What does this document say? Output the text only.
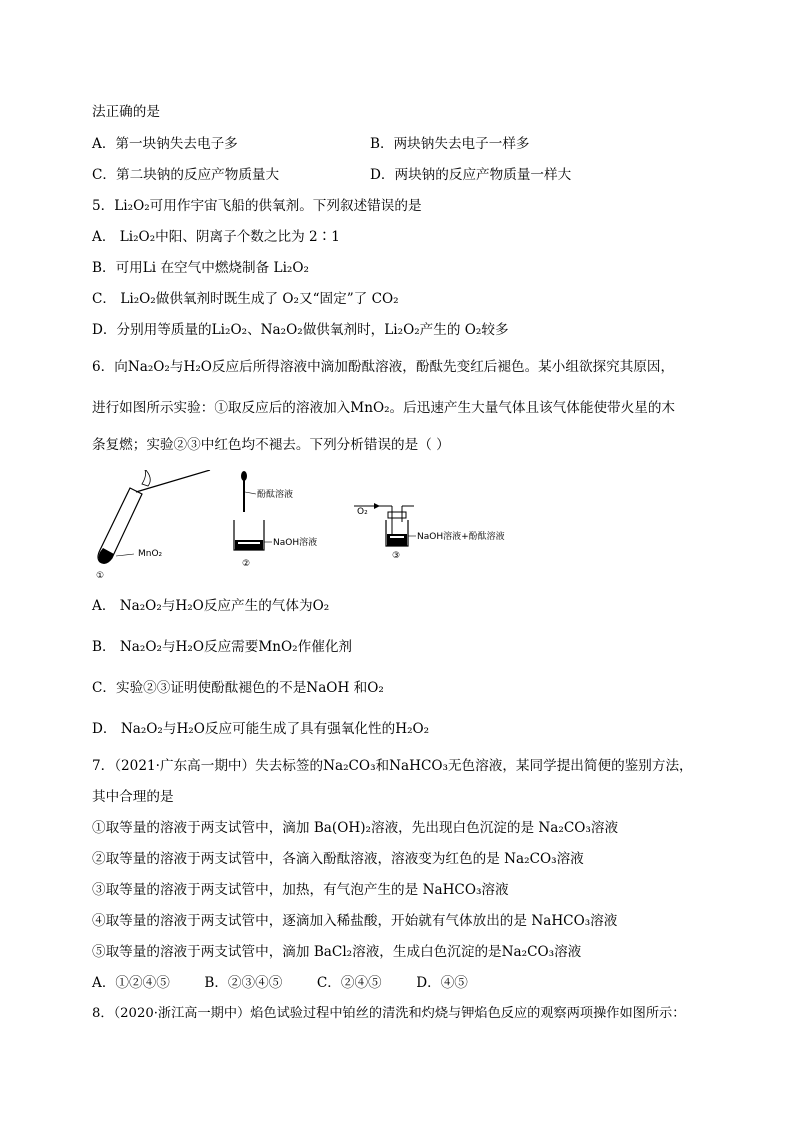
法正确的是
A．第一块钠失去电子多	B．两块钠失去电子一样多
C．第二块钠的反应产物质量大	D．两块钠的反应产物质量一样大
5．Li₂O₂可用作宇宙飞船的供氧剂。下列叙述错误的是
A． Li₂O₂中阳、阴离子个数之比为 2∶1
B．可用Li 在空气中燃烧制备 Li₂O₂
C． Li₂O₂做供氧剂时既生成了 O₂又“固定”了 CO₂
D．分别用等质量的Li₂O₂、Na₂O₂做供氧剂时，Li₂O₂产生的 O₂较多
6．向Na₂O₂与H₂O反应后所得溶液中滴加酚酞溶液，酚酞先变红后褪色。某小组欲探究其原因，
进行如图所示实验：①取反应后的溶液加入MnO₂。后迅速产生大量气体且该气体能使带火星的木
条复燃；实验②③中红色均不褪去。下列分析错误的是（ ）
MnO₂
①
酚酞溶液
NaOH溶液
②
O₂
NaOH溶液+酚酞溶液
③
A． Na₂O₂与H₂O反应产生的气体为O₂
B． Na₂O₂与H₂O反应需要MnO₂作催化剂
C．实验②③证明使酚酞褪色的不是NaOH 和O₂
D． Na₂O₂与H₂O反应可能生成了具有强氧化性的H₂O₂
7．（2021·广东高一期中）失去标签的Na₂CO₃和NaHCO₃无色溶液，某同学提出简便的鉴别方法，
其中合理的是
①取等量的溶液于两支试管中，滴加 Ba(OH)₂溶液，先出现白色沉淀的是 Na₂CO₃溶液
②取等量的溶液于两支试管中，各滴入酚酞溶液，溶液变为红色的是 Na₂CO₃溶液
③取等量的溶液于两支试管中，加热，有气泡产生的是 NaHCO₃溶液
④取等量的溶液于两支试管中，逐滴加入稀盐酸，开始就有气体放出的是 NaHCO₃溶液
⑤取等量的溶液于两支试管中，滴加 BaCl₂溶液，生成白色沉淀的是Na₂CO₃溶液
A．①②④⑤        B．②③④⑤        C．②④⑤        D．④⑤
8．（2020·浙江高一期中）焰色试验过程中铂丝的清洗和灼烧与钾焰色反应的观察两项操作如图所示：
